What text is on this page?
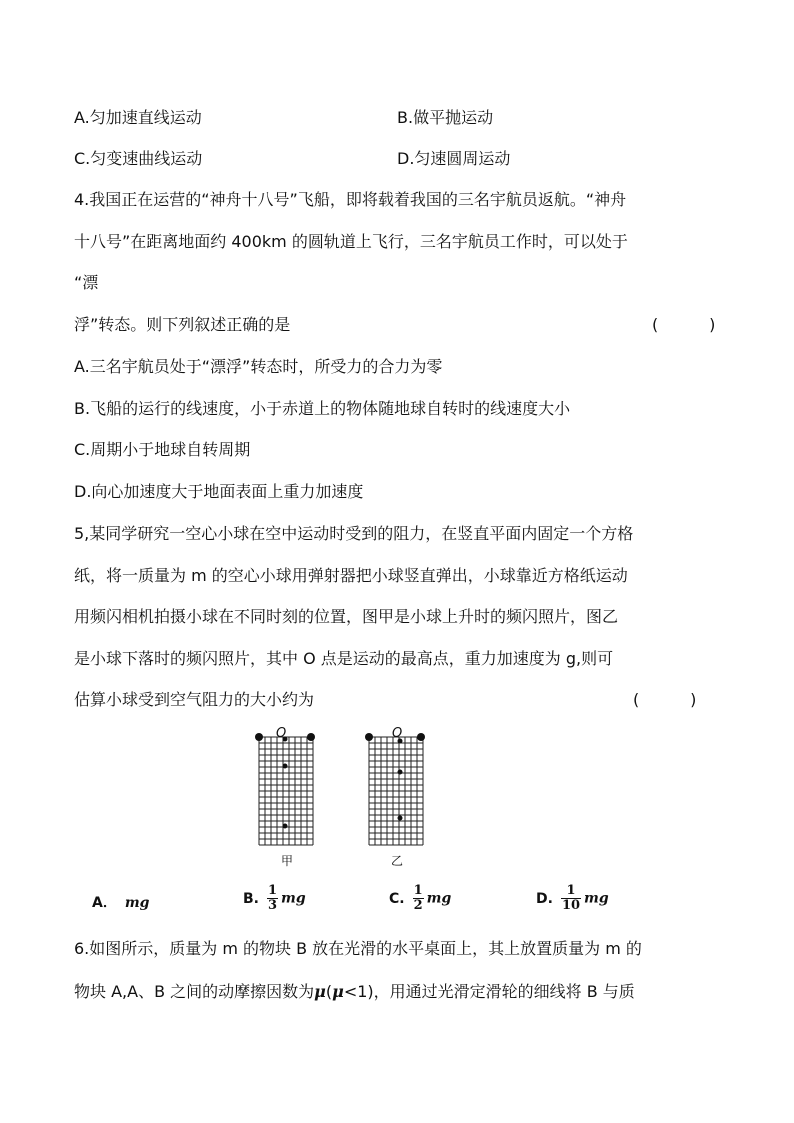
A.匀加速直线运动	B.做平抛运动
C.匀变速曲线运动	D.匀速圆周运动
4.我国正在运营的“神舟十八号”飞船，即将载着我国的三名宇航员返航。“神舟
十八号”在距离地面约 400km 的圆轨道上飞行，三名宇航员工作时，可以处于
“漂
浮”转态。则下列叙述正确的是	(          )
A.三名宇航员处于“漂浮”转态时，所受力的合力为零
B.飞船的运行的线速度，小于赤道上的物体随地球自转时的线速度大小
C.周期小于地球自转周期
D.向心加速度大于地面表面上重力加速度
5,某同学研究一空心小球在空中运动时受到的阻力，在竖直平面内固定一个方格
纸，将一质量为 m 的空心小球用弹射器把小球竖直弹出，小球靠近方格纸运动
用频闪相机拍摄小球在不同时刻的位置，图甲是小球上升时的频闪照片，图乙
是小球下落时的频闪照片，其中 O 点是运动的最高点，重力加速度为 g,则可
估算小球受到空气阻力的大小约为	(          )
O
甲
O
乙
A． mg	B. $\frac{1}{3}$ mg	C. $\frac{1}{2}$ mg	D. $\frac{1}{10}$ mg
6.如图所示，质量为 m 的物块 B 放在光滑的水平桌面上，其上放置质量为 m 的
物块 A,A、B 之间的动摩擦因数为μ(μ<1)，用通过光滑定滑轮的细线将 B 与质
